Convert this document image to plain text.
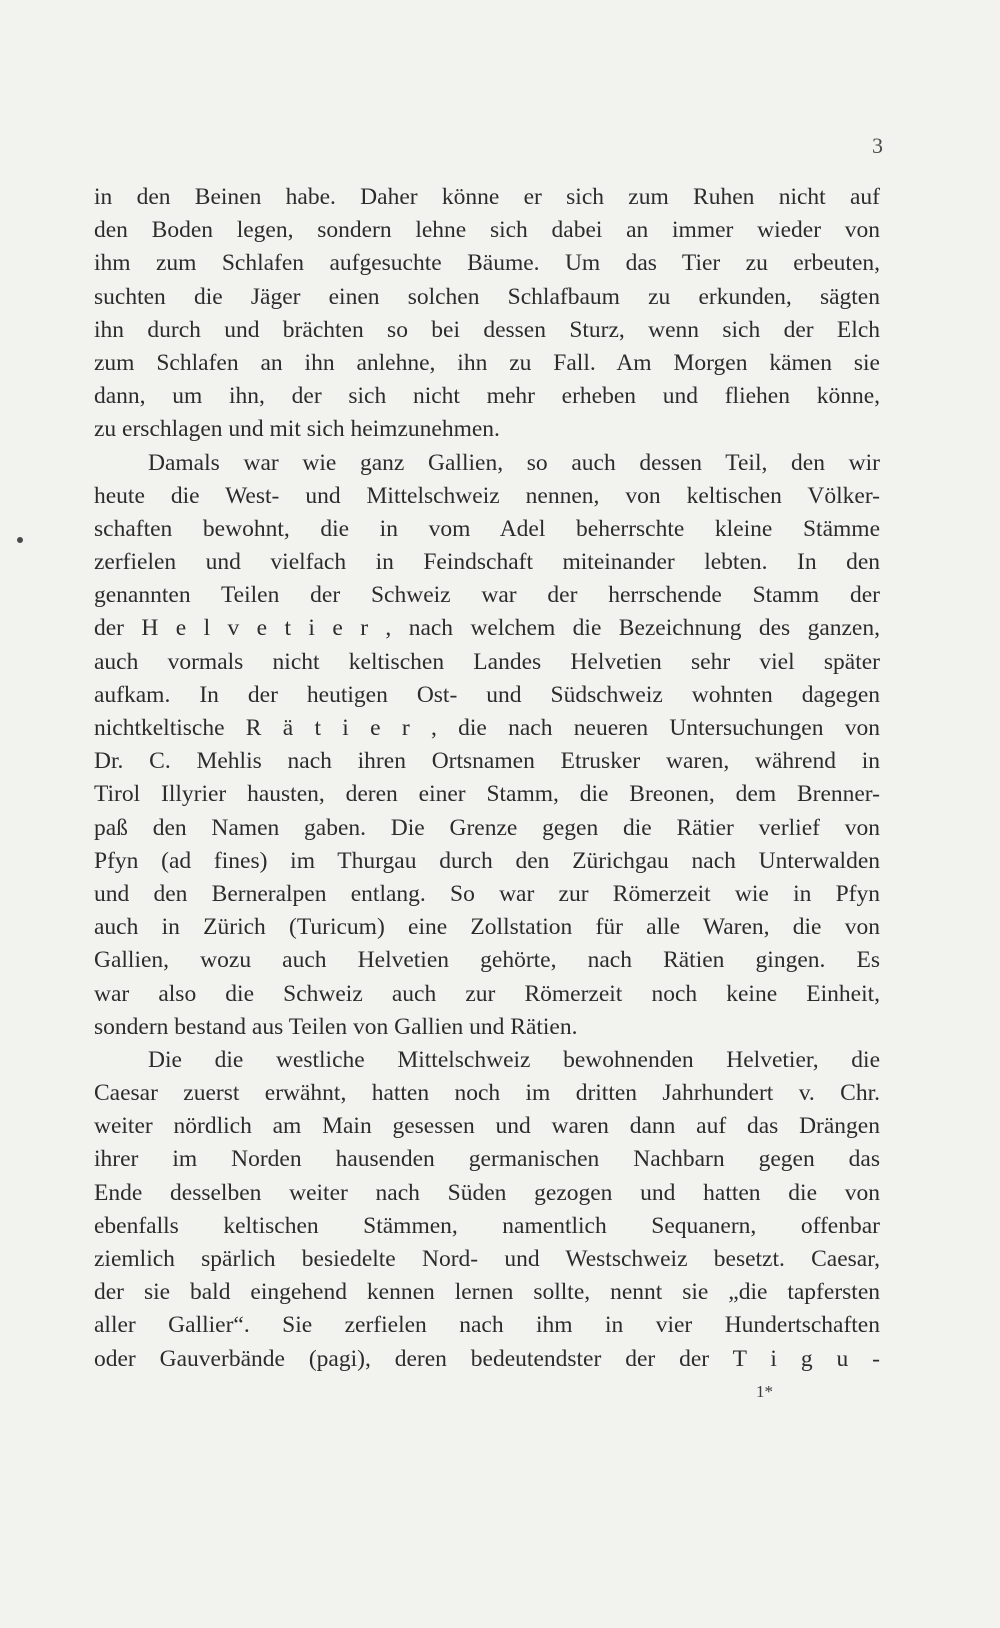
3
in den Beinen habe. Daher könne er sich zum Ruhen nicht auf
den Boden legen, sondern lehne sich dabei an immer wieder von
ihm zum Schlafen aufgesuchte Bäume. Um das Tier zu erbeuten,
suchten die Jäger einen solchen Schlafbaum zu erkunden, sägten
ihn durch und brächten so bei dessen Sturz, wenn sich der Elch
zum Schlafen an ihn anlehne, ihn zu Fall. Am Morgen kämen sie
dann, um ihn, der sich nicht mehr erheben und fliehen könne,
zu erschlagen und mit sich heimzunehmen.
Damals war wie ganz Gallien, so auch dessen Teil, den wir
heute die West- und Mittelschweiz nennen, von keltischen Völker-
schaften bewohnt, die in vom Adel beherrschte kleine Stämme
zerfielen und vielfach in Feindschaft miteinander lebten. In den
genannten Teilen der Schweiz war der herrschende Stamm der
der H e l v e t i e r , nach welchem die Bezeichnung des ganzen,
auch vormals nicht keltischen Landes Helvetien sehr viel später
aufkam. In der heutigen Ost- und Südschweiz wohnten dagegen
nichtkeltische R ä t i e r , die nach neueren Untersuchungen von
Dr. C. Mehlis nach ihren Ortsnamen Etrusker waren, während in
Tirol Illyrier hausten, deren einer Stamm, die Breonen, dem Brenner-
paß den Namen gaben. Die Grenze gegen die Rätier verlief von
Pfyn (ad fines) im Thurgau durch den Zürichgau nach Unterwalden
und den Berneralpen entlang. So war zur Römerzeit wie in Pfyn
auch in Zürich (Turicum) eine Zollstation für alle Waren, die von
Gallien, wozu auch Helvetien gehörte, nach Rätien gingen. Es
war also die Schweiz auch zur Römerzeit noch keine Einheit,
sondern bestand aus Teilen von Gallien und Rätien.
Die die westliche Mittelschweiz bewohnenden Helvetier, die
Caesar zuerst erwähnt, hatten noch im dritten Jahrhundert v. Chr.
weiter nördlich am Main gesessen und waren dann auf das Drängen
ihrer im Norden hausenden germanischen Nachbarn gegen das
Ende desselben weiter nach Süden gezogen und hatten die von
ebenfalls keltischen Stämmen, namentlich Sequanern, offenbar
ziemlich spärlich besiedelte Nord- und Westschweiz besetzt. Caesar,
der sie bald eingehend kennen lernen sollte, nennt sie „die tapfersten
aller Gallier“. Sie zerfielen nach ihm in vier Hundertschaften
oder Gauverbände (pagi), deren bedeutendster der der T i g u -
1*
